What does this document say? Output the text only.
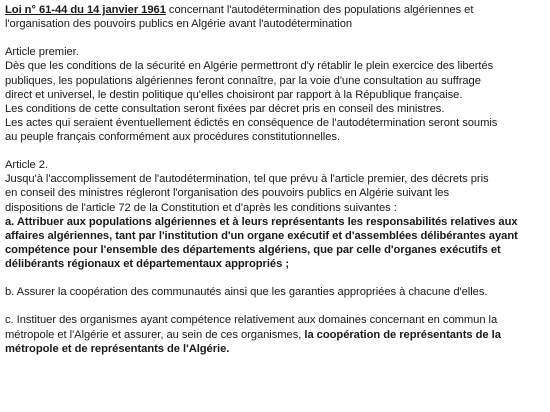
Loi n° 61-44 du 14 janvier 1961 concernant l'autodétermination des populations algériennes et
l'organisation des pouvoirs publics en Algérie avant l'autodétermination
Article premier.
Dès que les conditions de la sécurité en Algérie permettront d'y rétablir le plein exercice des libertés
publiques, les populations algériennes feront connaître, par la voie d'une consultation au suffrage
direct et universel, le destin politique qu'elles choisiront par rapport à la République française.
Les conditions de cette consultation seront fixées par décret pris en conseil des ministres.
Les actes qui seraient éventuellement édictés en conséquence de l'autodétermination seront soumis
au peuple français conformément aux procédures constitutionnelles.
Article 2.
Jusqu'à l'accomplissement de l'autodétermination, tel que prévu à l'article premier, des décrets pris
en conseil des ministres régleront l'organisation des pouvoirs publics en Algérie suivant les
dispositions de l'article 72 de la Constitution et d'après les conditions suivantes :
a. Attribuer aux populations algériennes et à leurs représentants les responsabilités relatives aux
affaires algériennes, tant par l'institution d'un organe exécutif et d'assemblées délibérantes ayant
compétence pour l'ensemble des départements algériens, que par celle d'organes exécutifs et
délibérants régionaux et départementaux appropriés ;
b. Assurer la coopération des communautés ainsi que les garanties appropriées à chacune d'elles.
c. Instituer des organismes ayant compétence relativement aux domaines concernant en commun la
métropole et l'Algérie et assurer, au sein de ces organismes, la coopération de représentants de la
métropole et de représentants de l'Algérie.
